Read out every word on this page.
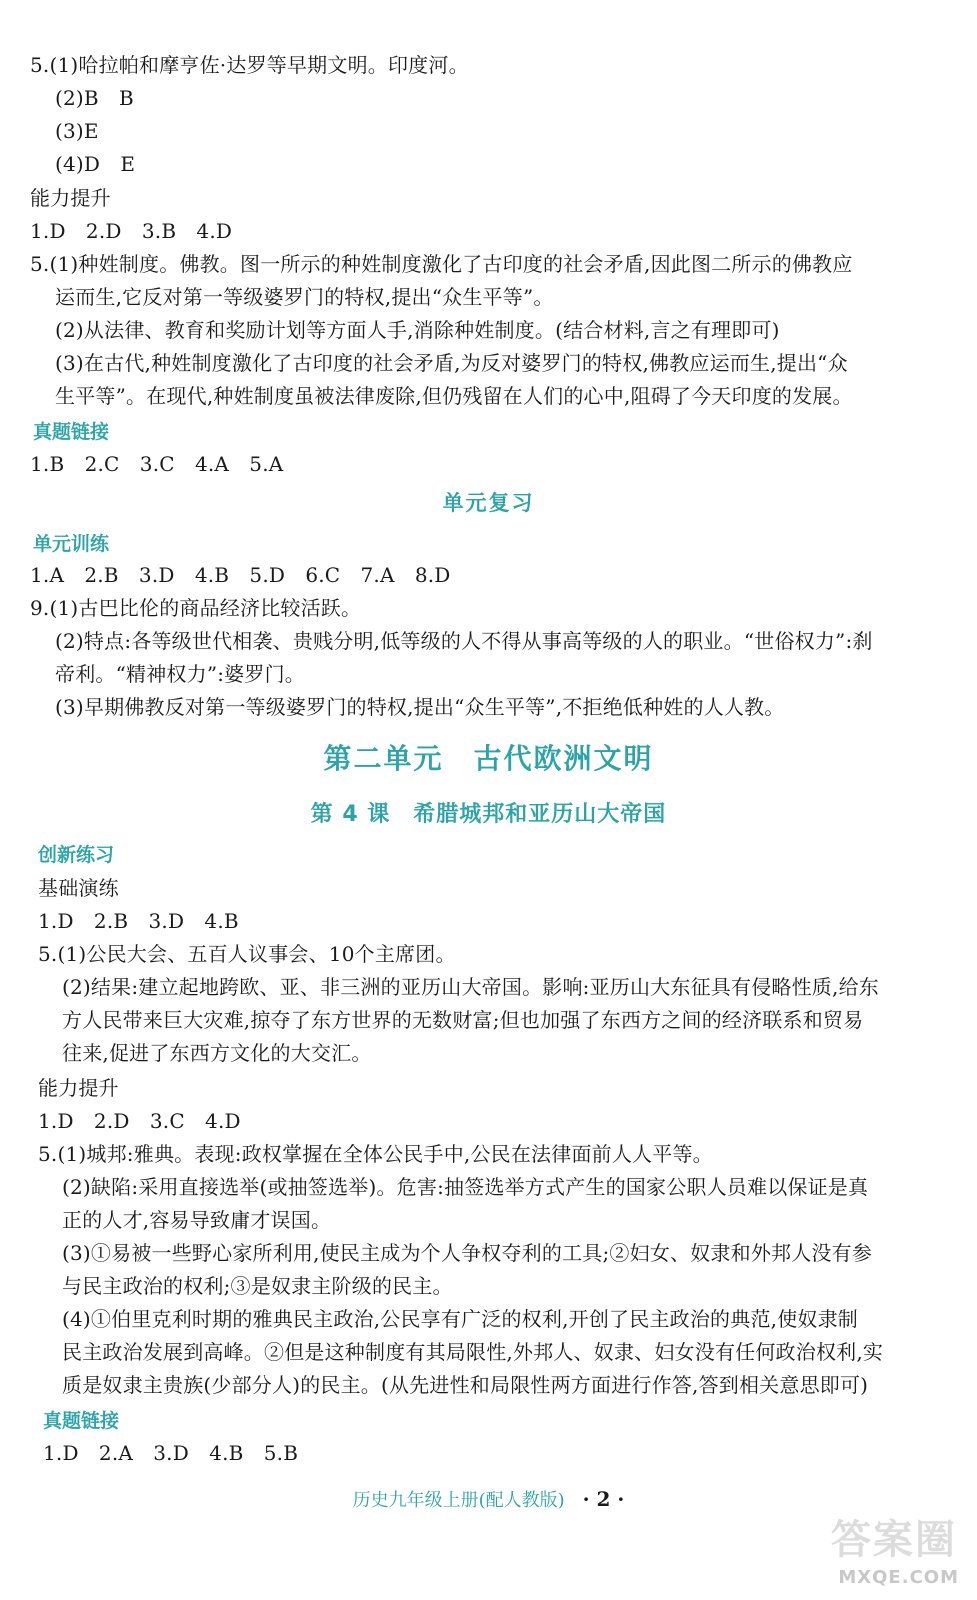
5.(1)哈拉帕和摩亨佐·达罗等早期文明。印度河。
(2)B　B
(3)E
(4)D　E
能力提升
1.D　2.D　3.B　4.D
5.(1)种姓制度。佛教。图一所示的种姓制度激化了古印度的社会矛盾,因此图二所示的佛教应
运而生,它反对第一等级婆罗门的特权,提出“众生平等”。
(2)从法律、教育和奖励计划等方面人手,消除种姓制度。(结合材料,言之有理即可)
(3)在古代,种姓制度激化了古印度的社会矛盾,为反对婆罗门的特权,佛教应运而生,提出“众
生平等”。在现代,种姓制度虽被法律废除,但仍残留在人们的心中,阻碍了今天印度的发展。
真题链接
1.B　2.C　3.C　4.A　5.A
单元复习
单元训练
1.A　2.B　3.D　4.B　5.D　6.C　7.A　8.D
9.(1)古巴比伦的商品经济比较活跃。
(2)特点:各等级世代相袭、贵贱分明,低等级的人不得从事高等级的人的职业。“世俗权力”:刹
帝利。“精神权力”:婆罗门。
(3)早期佛教反对第一等级婆罗门的特权,提出“众生平等”,不拒绝低种姓的人人教。
第二单元　古代欧洲文明
第 4 课　希腊城邦和亚历山大帝国
创新练习
基础演练
1.D　2.B　3.D　4.B
5.(1)公民大会、五百人议事会、10个主席团。
(2)结果:建立起地跨欧、亚、非三洲的亚历山大帝国。影响:亚历山大东征具有侵略性质,给东
方人民带来巨大灾难,掠夺了东方世界的无数财富;但也加强了东西方之间的经济联系和贸易
往来,促进了东西方文化的大交汇。
能力提升
1.D　2.D　3.C　4.D
5.(1)城邦:雅典。表现:政权掌握在全体公民手中,公民在法律面前人人平等。
(2)缺陷:采用直接选举(或抽签选举)。危害:抽签选举方式产生的国家公职人员难以保证是真
正的人才,容易导致庸才误国。
(3)①易被一些野心家所利用,使民主成为个人争权夺利的工具;②妇女、奴隶和外邦人没有参
与民主政治的权利;③是奴隶主阶级的民主。
(4)①伯里克利时期的雅典民主政治,公民享有广泛的权利,开创了民主政治的典范,使奴隶制
民主政治发展到高峰。②但是这种制度有其局限性,外邦人、奴隶、妇女没有任何政治权利,实
质是奴隶主贵族(少部分人)的民主。(从先进性和局限性两方面进行作答,答到相关意思即可)
真题链接
1.D　2.A　3.D　4.B　5.B
历史九年级上册(配人教版) · 2 ·
答案圈
MXQE.COM
